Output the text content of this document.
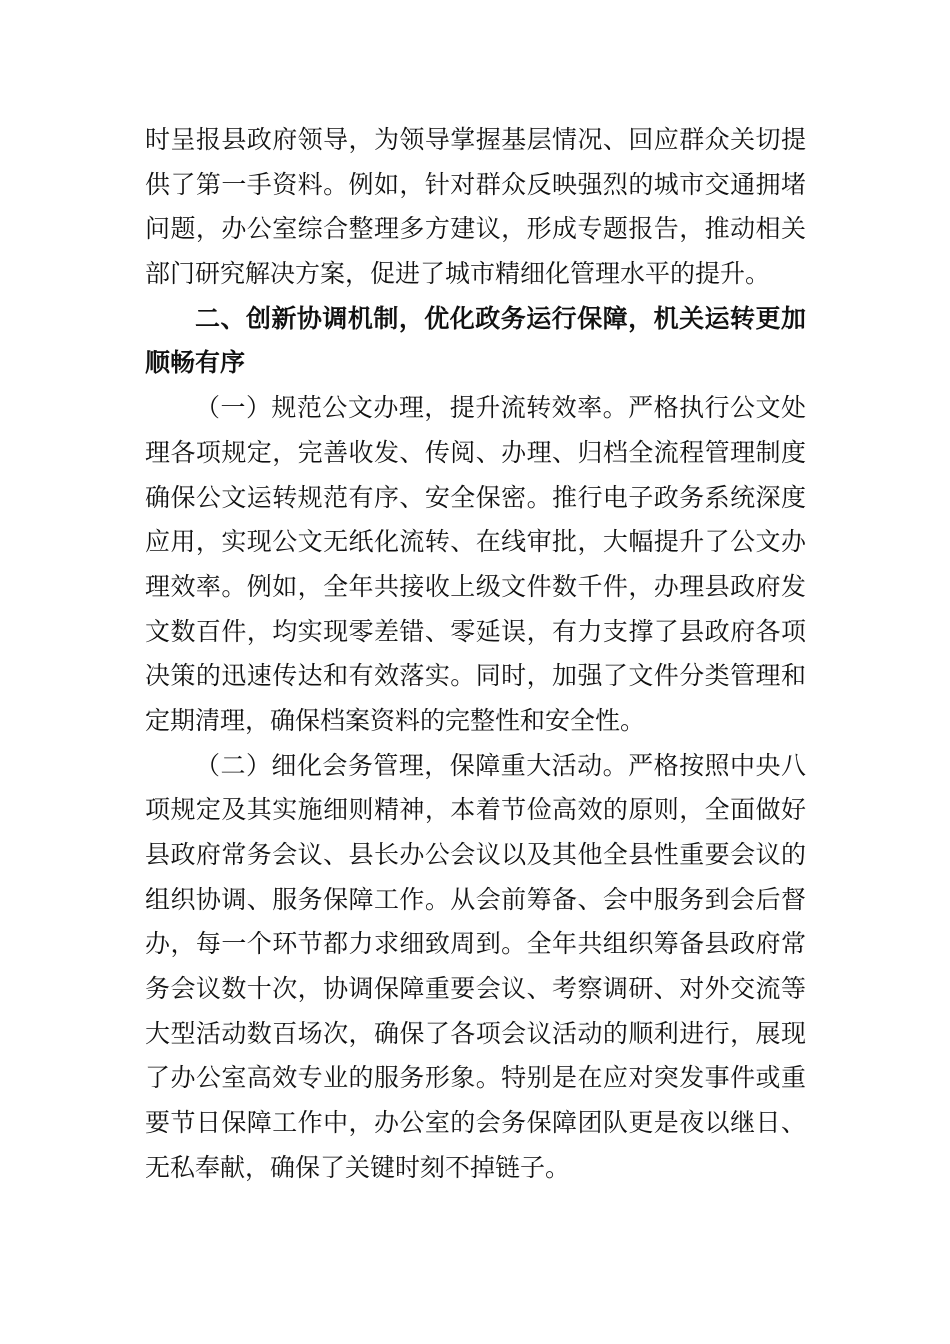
时呈报县政府领导，为领导掌握基层情况、回应群众关切提
供了第一手资料。例如，针对群众反映强烈的城市交通拥堵
问题，办公室综合整理多方建议，形成专题报告，推动相关
部门研究解决方案，促进了城市精细化管理水平的提升。
二、创新协调机制，优化政务运行保障，机关运转更加
顺畅有序
（一）规范公文办理，提升流转效率。严格执行公文处
理各项规定，完善收发、传阅、办理、归档全流程管理制度
确保公文运转规范有序、安全保密。推行电子政务系统深度
应用，实现公文无纸化流转、在线审批，大幅提升了公文办
理效率。例如，全年共接收上级文件数千件，办理县政府发
文数百件，均实现零差错、零延误，有力支撑了县政府各项
决策的迅速传达和有效落实。同时，加强了文件分类管理和
定期清理，确保档案资料的完整性和安全性。
（二）细化会务管理，保障重大活动。严格按照中央八
项规定及其实施细则精神，本着节俭高效的原则，全面做好
县政府常务会议、县长办公会议以及其他全县性重要会议的
组织协调、服务保障工作。从会前筹备、会中服务到会后督
办，每一个环节都力求细致周到。全年共组织筹备县政府常
务会议数十次，协调保障重要会议、考察调研、对外交流等
大型活动数百场次，确保了各项会议活动的顺利进行，展现
了办公室高效专业的服务形象。特别是在应对突发事件或重
要节日保障工作中，办公室的会务保障团队更是夜以继日、
无私奉献，确保了关键时刻不掉链子。
